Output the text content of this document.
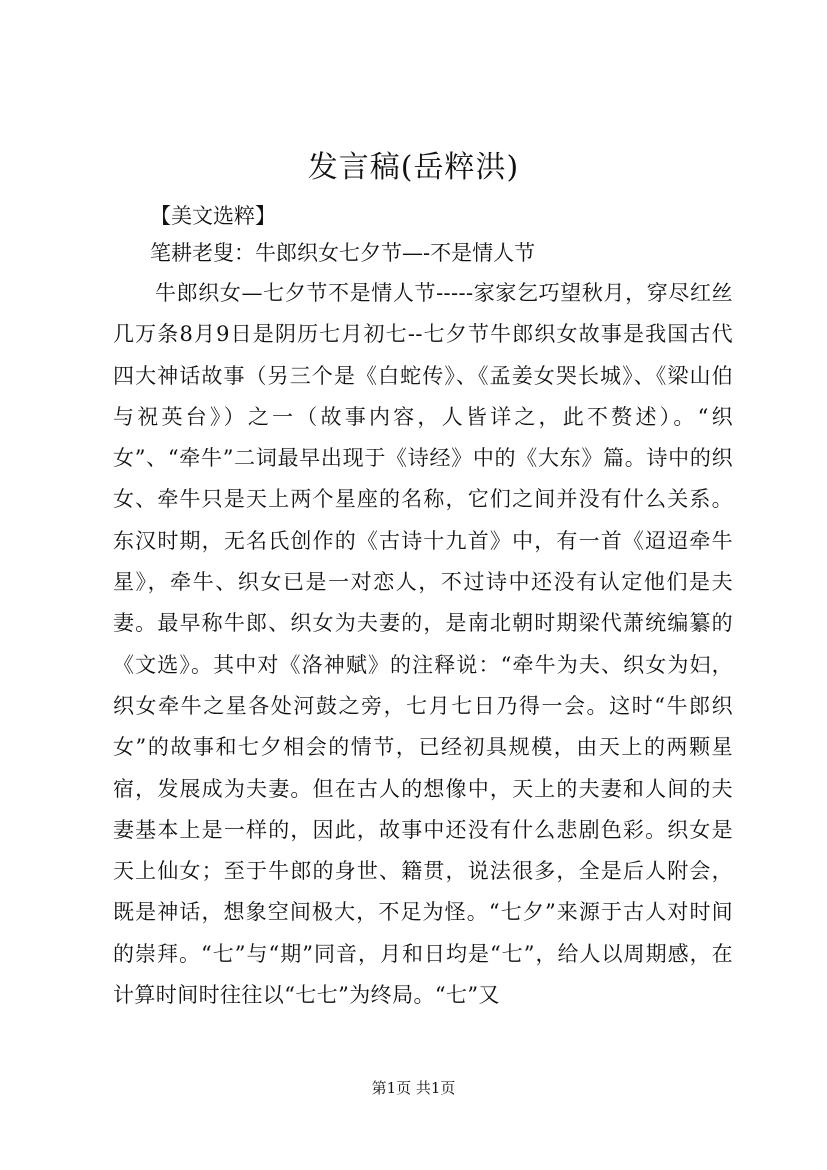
发言稿(岳粹洪)

【美文选粹】

笔耕老叟：牛郎织女七夕节—-不是情人节

牛郎织女—七夕节不是情人节-----家家乞巧望秋月，穿尽红丝几万条8月9日是阴历七月初七--七夕节牛郎织女故事是我国古代四大神话故事（另三个是《白蛇传》、《孟姜女哭长城》、《梁山伯与祝英台》）之一（故事内容，人皆详之，此不赘述）。“织女”、“牵牛”二词最早出现于《诗经》中的《大东》篇。诗中的织女、牵牛只是天上两个星座的名称，它们之间并没有什么关系。东汉时期，无名氏创作的《古诗十九首》中，有一首《迢迢牵牛星》，牵牛、织女已是一对恋人，不过诗中还没有认定他们是夫妻。最早称牛郎、织女为夫妻的，是南北朝时期梁代萧统编纂的《文选》。其中对《洛神赋》的注释说：“牵牛为夫、织女为妇，织女牵牛之星各处河鼓之旁，七月七日乃得一会。这时“牛郎织女”的故事和七夕相会的情节，已经初具规模，由天上的两颗星宿，发展成为夫妻。但在古人的想像中，天上的夫妻和人间的夫妻基本上是一样的，因此，故事中还没有什么悲剧色彩。织女是天上仙女；至于牛郎的身世、籍贯，说法很多，全是后人附会，既是神话，想象空间极大，不足为怪。“七夕”来源于古人对时间的崇拜。“七”与“期”同音，月和日均是“七”，给人以周期感，在计算时间时往往以“七七”为终局。“七”又

第1页 共1页
